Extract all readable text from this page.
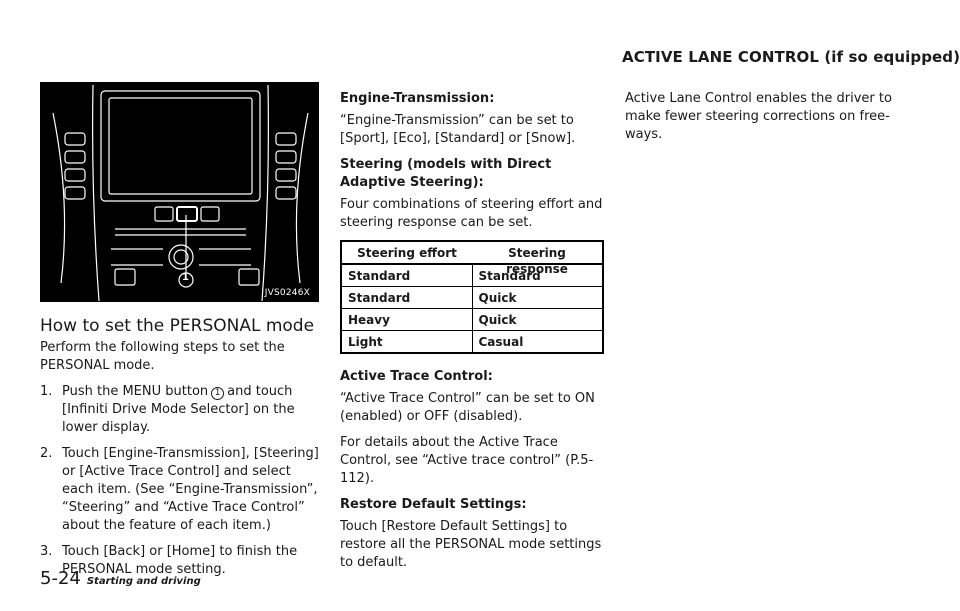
ACTIVE LANE CONTROL (if so equipped)
1
JVS0246X
How to set the PERSONAL mode

Perform the following steps to set the PERSONAL mode.

1. Push the MENU button 1 and touch [Infiniti Drive Mode Selector] on the lower display.
2. Touch [Engine-Transmission], [Steering] or [Active Trace Control] and select each item. (See “Engine-Transmission”, “Steering” and “Active Trace Control” about the feature of each item.)
3. Touch [Back] or [Home] to finish the PERSONAL mode setting.
Engine-Transmission:

“Engine-Transmission” can be set to [Sport], [Eco], [Standard] or [Snow].

Steering (models with Direct Adaptive Steering):

Four combinations of steering effort and steering response can be set.

Steering effort	Steering response
Standard	Standard
Standard	Quick
Heavy	Quick
Light	Casual
Active Trace Control:

“Active Trace Control” can be set to ON (enabled) or OFF (disabled).

For details about the Active Trace Control, see “Active trace control” (P.5-112).

Restore Default Settings:

Touch [Restore Default Settings] to restore all the PERSONAL mode settings to default.

Active Lane Control enables the driver to make fewer steering corrections on free-ways.

5-24 Starting and driving
